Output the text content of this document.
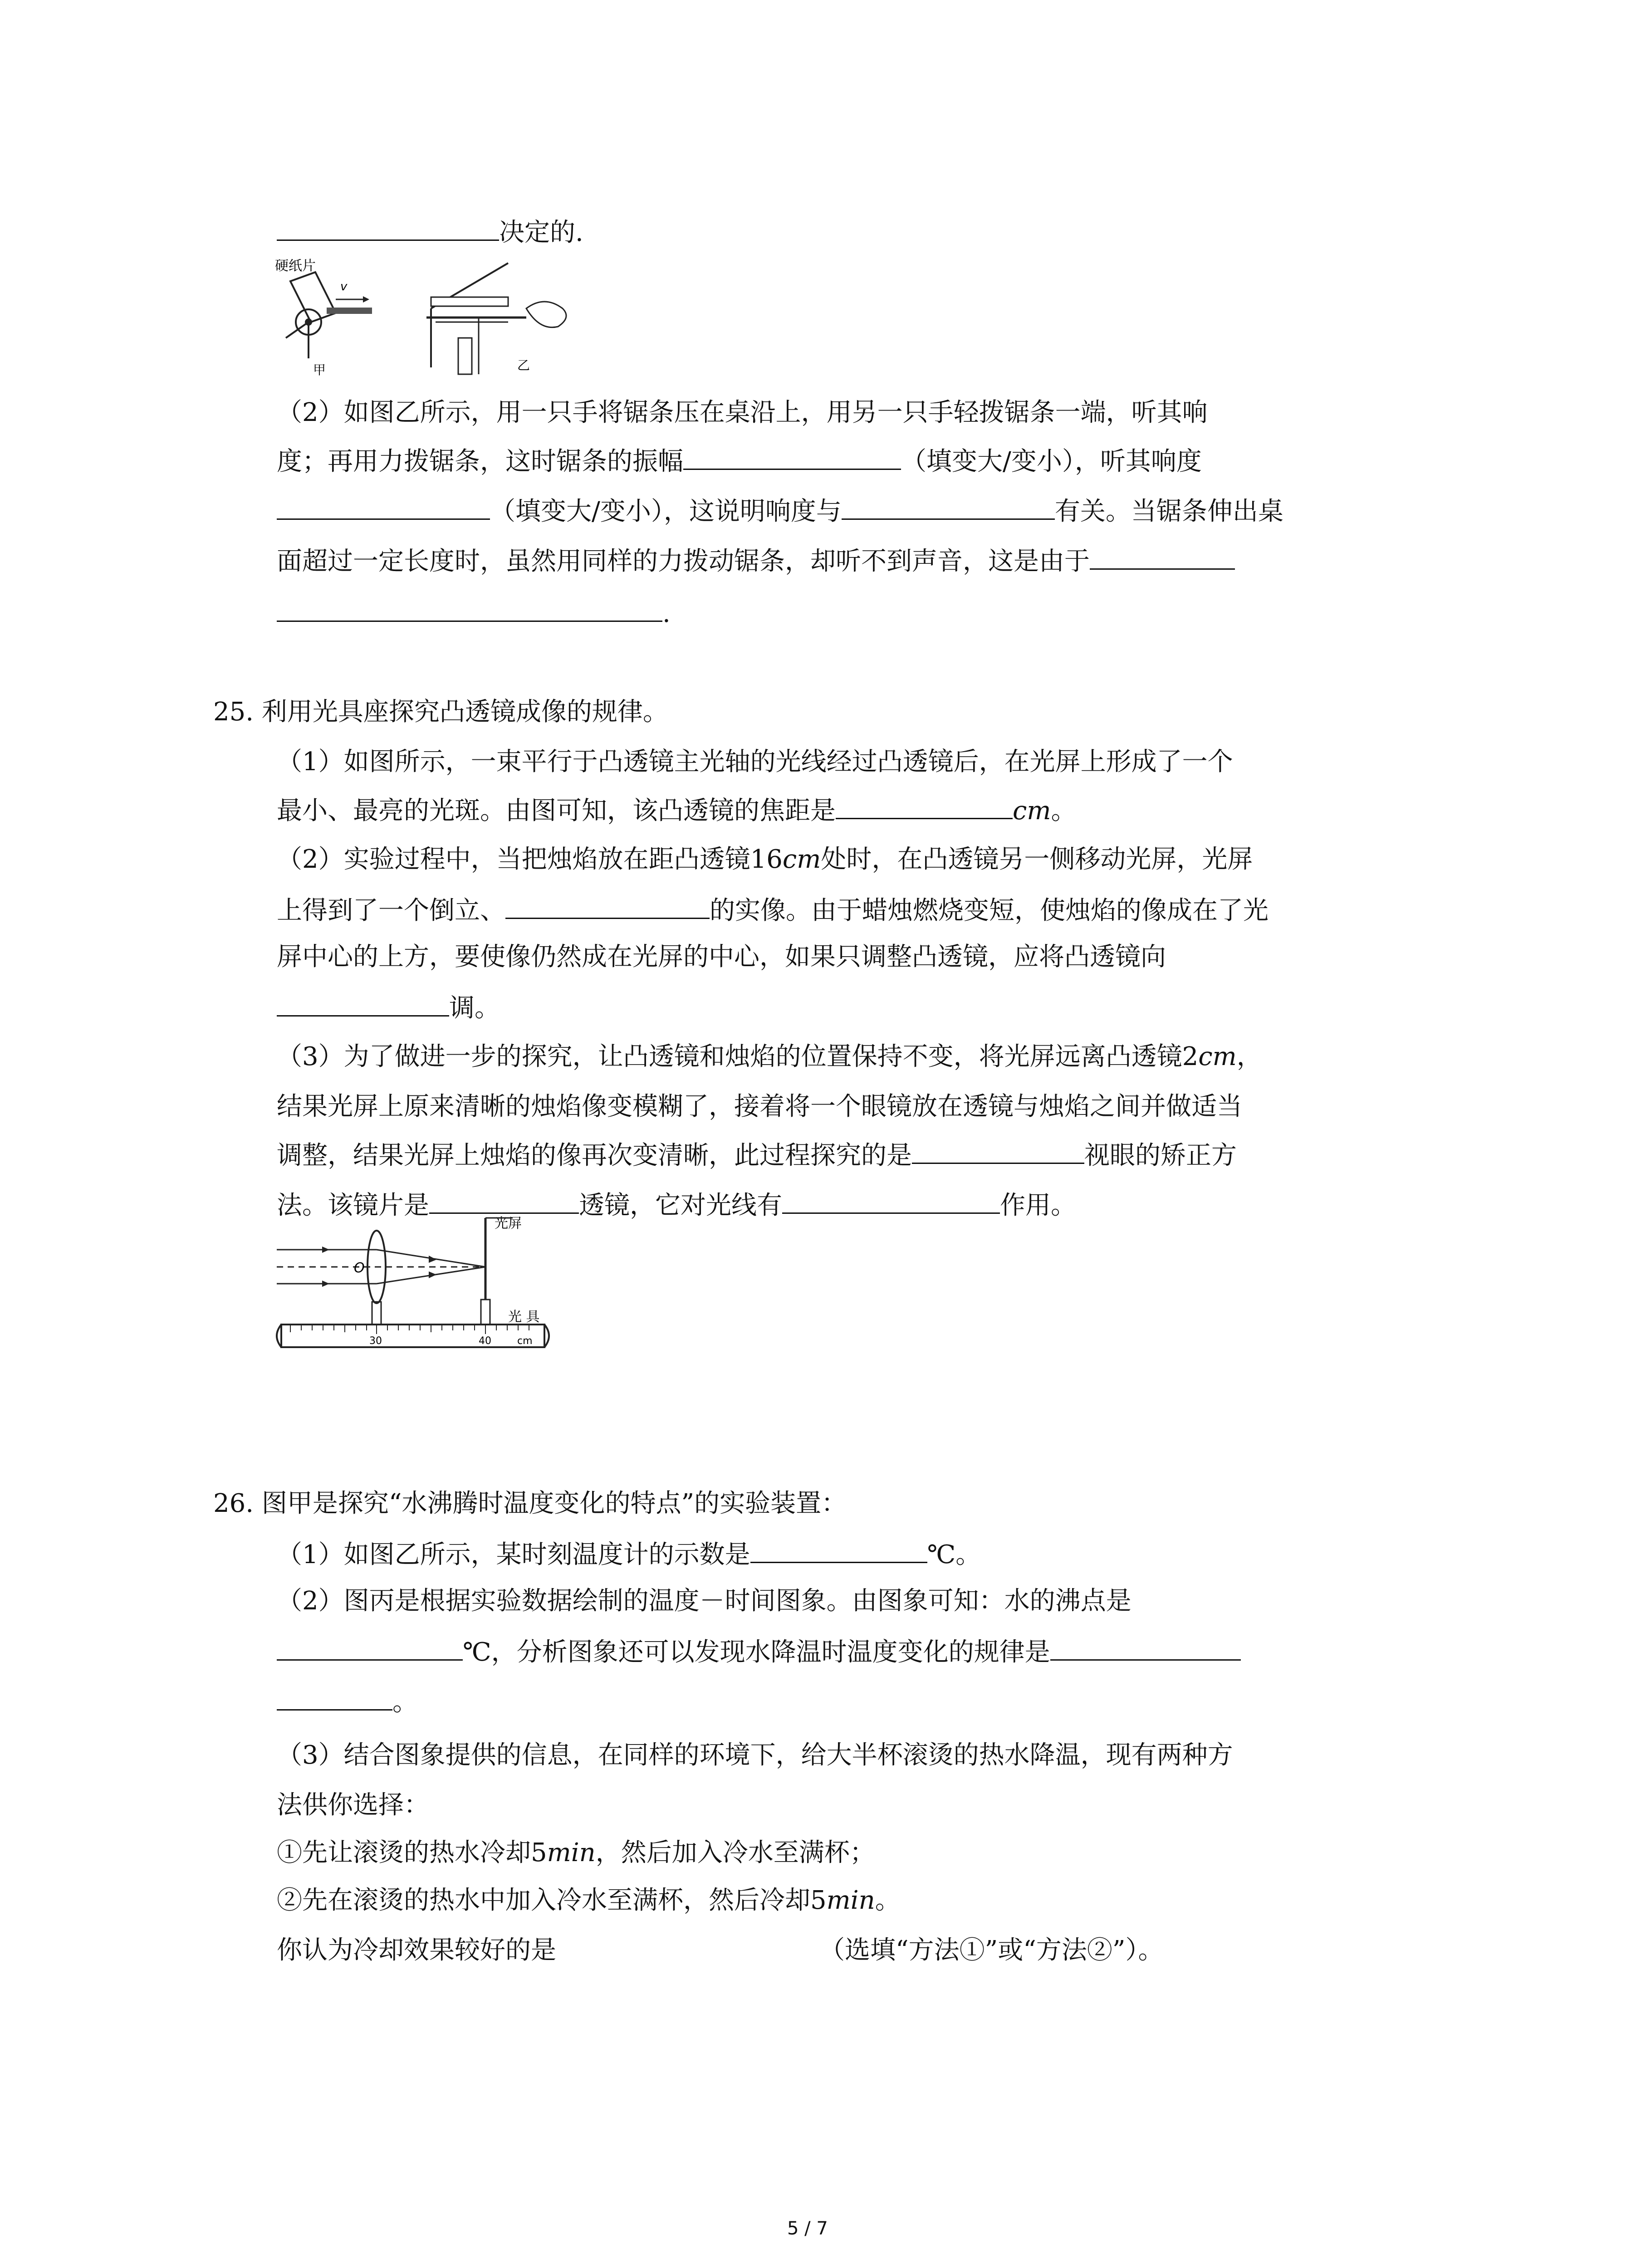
决定的.
硬纸片
v
甲	乙
（2）如图乙所示，用一只手将锯条压在桌沿上，用另一只手轻拨锯条一端，听其响
度；再用力拨锯条，这时锯条的振幅	（填变大/变小），听其响度
（填变大/变小），这说明响度与	有关。当锯条伸出桌
面超过一定长度时，虽然用同样的力拨动锯条，却听不到声音，这是由于
.
25. 利用光具座探究凸透镜成像的规律。
（1）如图所示，一束平行于凸透镜主光轴的光线经过凸透镜后，在光屏上形成了一个
最小、最亮的光斑。由图可知，该凸透镜的焦距是	cm。
（2）实验过程中，当把烛焰放在距凸透镜16cm处时，在凸透镜另一侧移动光屏，光屏
上得到了一个倒立、	的实像。由于蜡烛燃烧变短，使烛焰的像成在了光
屏中心的上方，要使像仍然成在光屏的中心，如果只调整凸透镜，应将凸透镜向
调。
（3）为了做进一步的探究，让凸透镜和烛焰的位置保持不变，将光屏远离凸透镜2cm，
结果光屏上原来清晰的烛焰像变模糊了，接着将一个眼镜放在透镜与烛焰之间并做适当
调整，结果光屏上烛焰的像再次变清晰，此过程探究的是	视眼的矫正方
法。该镜片是	透镜，它对光线有	作用。
光屏
O
光 具
30	40	cm
26. 图甲是探究“水沸腾时温度变化的特点”的实验装置：
（1）如图乙所示，某时刻温度计的示数是	℃。
（2）图丙是根据实验数据绘制的温度－时间图象。由图象可知：水的沸点是
℃，分析图象还可以发现水降温时温度变化的规律是
。
（3）结合图象提供的信息，在同样的环境下，给大半杯滚烫的热水降温，现有两种方
法供你选择：
①先让滚烫的热水冷却5min，然后加入冷水至满杯；
②先在滚烫的热水中加入冷水至满杯，然后冷却5min。
你认为冷却效果较好的是	（选填“方法①”或“方法②”）。
5 / 7
